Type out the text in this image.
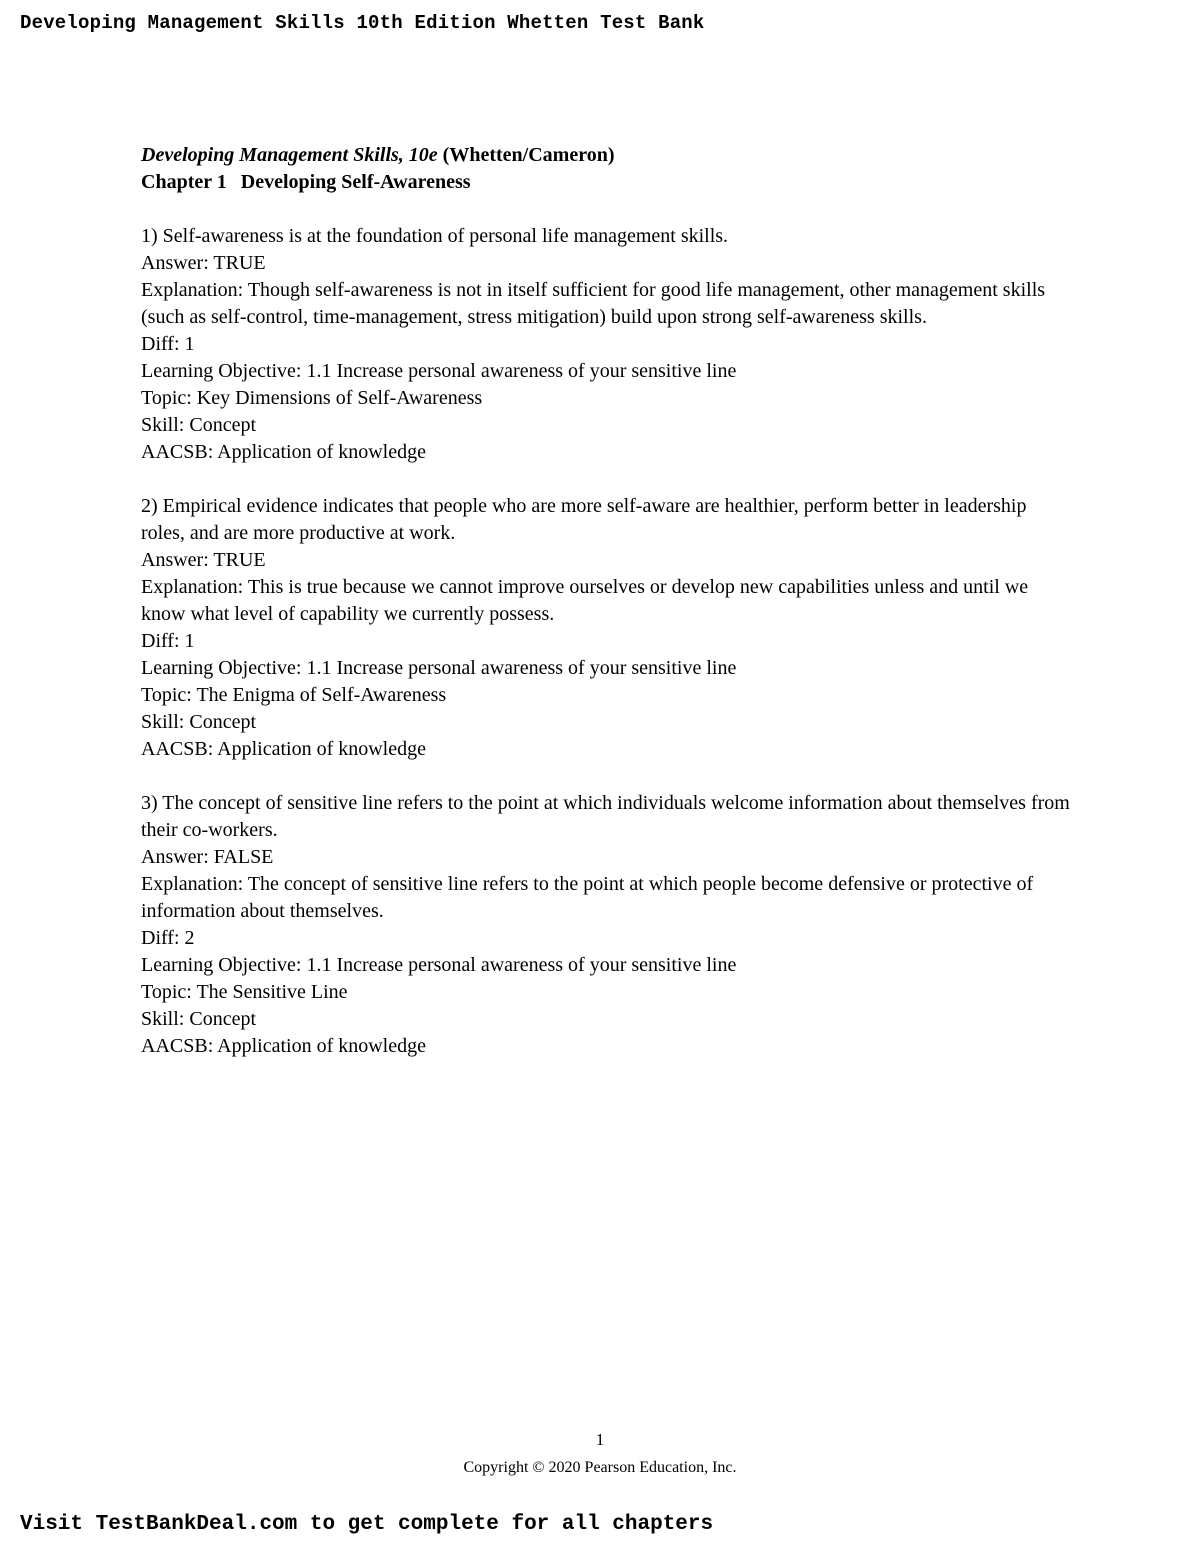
Developing Management Skills 10th Edition Whetten Test Bank
Developing Management Skills, 10e (Whetten/Cameron)
Chapter 1 Developing Self-Awareness
1) Self-awareness is at the foundation of personal life management skills.
Answer: TRUE
Explanation: Though self-awareness is not in itself sufficient for good life management, other management skills (such as self-control, time-management, stress mitigation) build upon strong self-awareness skills.
Diff: 1
Learning Objective: 1.1 Increase personal awareness of your sensitive line
Topic: Key Dimensions of Self-Awareness
Skill: Concept
AACSB: Application of knowledge
2) Empirical evidence indicates that people who are more self-aware are healthier, perform better in leadership roles, and are more productive at work.
Answer: TRUE
Explanation: This is true because we cannot improve ourselves or develop new capabilities unless and until we know what level of capability we currently possess.
Diff: 1
Learning Objective: 1.1 Increase personal awareness of your sensitive line
Topic: The Enigma of Self-Awareness
Skill: Concept
AACSB: Application of knowledge
3) The concept of sensitive line refers to the point at which individuals welcome information about themselves from their co-workers.
Answer: FALSE
Explanation: The concept of sensitive line refers to the point at which people become defensive or protective of information about themselves.
Diff: 2
Learning Objective: 1.1 Increase personal awareness of your sensitive line
Topic: The Sensitive Line
Skill: Concept
AACSB: Application of knowledge
1
Copyright © 2020 Pearson Education, Inc.
Visit TestBankDeal.com to get complete for all chapters
